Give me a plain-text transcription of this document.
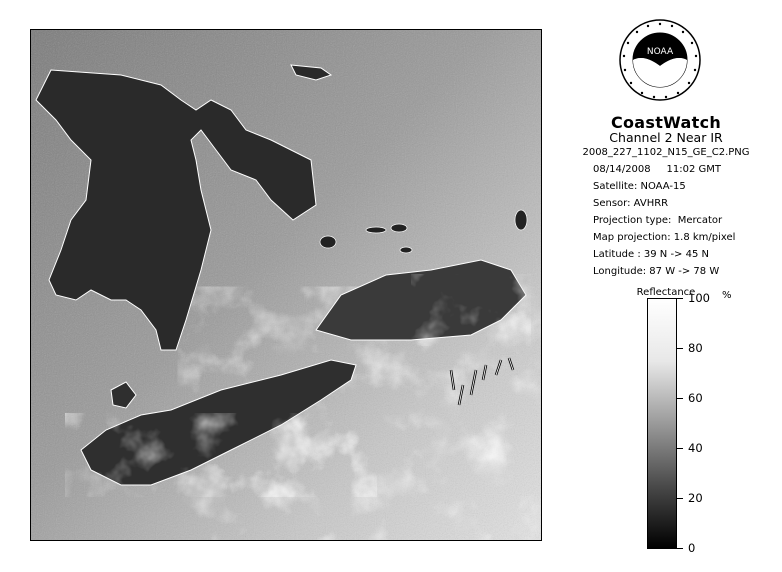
NOAA
CoastWatch
Channel 2 Near IR
2008_227_1102_N15_GE_C2.PNG
08/14/2008     11:02 GMT
Satellite: NOAA-15
Sensor: AVHRR
Projection type:  Mercator
Map projection: 1.8 km/pixel
Latitude : 39 N -> 45 N
Longitude: 87 W -> 78 W
Reflectance	%
100
80
60
40
20
0
